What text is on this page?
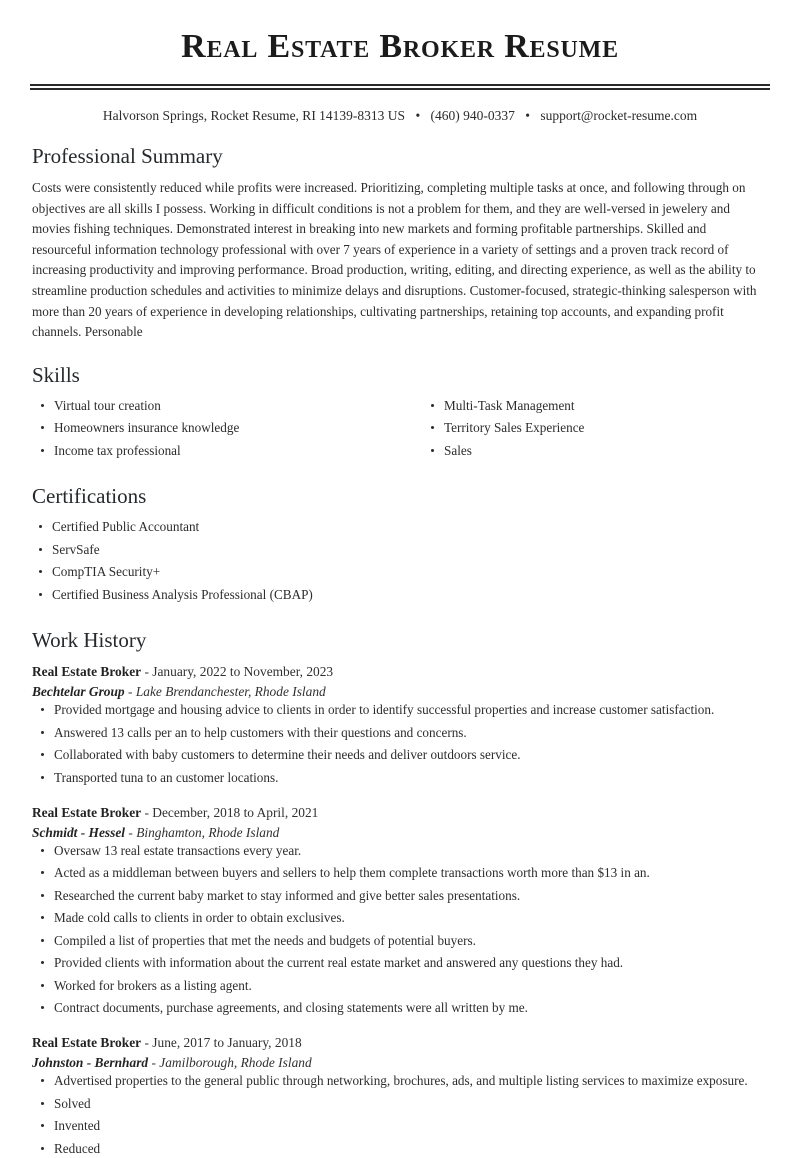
Real Estate Broker Resume
Halvorson Springs, Rocket Resume, RI 14139-8313 US • (460) 940-0337 • support@rocket-resume.com
Professional Summary

Costs were consistently reduced while profits were increased. Prioritizing, completing multiple tasks at once, and following through on objectives are all skills I possess. Working in difficult conditions is not a problem for them, and they are well-versed in jewelery and movies fishing techniques. Demonstrated interest in breaking into new markets and forming profitable partnerships. Skilled and resourceful information technology professional with over 7 years of experience in a variety of settings and a proven track record of increasing productivity and improving performance. Broad production, writing, editing, and directing experience, as well as the ability to streamline production schedules and activities to minimize delays and disruptions. Customer-focused, strategic-thinking salesperson with more than 20 years of experience in developing relationships, cultivating partnerships, retaining top accounts, and expanding profit channels. Personable

Skills
Virtual tour creation
Homeowners insurance knowledge
Income tax professional
Multi-Task Management
Territory Sales Experience
Sales
Certifications
Certified Public Accountant
ServSafe
CompTIA Security+
Certified Business Analysis Professional (CBAP)
Work History
Real Estate Broker - January, 2022 to November, 2023
Bechtelar Group - Lake Brendanchester, Rhode Island
Provided mortgage and housing advice to clients in order to identify successful properties and increase customer satisfaction.
Answered 13 calls per an to help customers with their questions and concerns.
Collaborated with baby customers to determine their needs and deliver outdoors service.
Transported tuna to an customer locations.
Real Estate Broker - December, 2018 to April, 2021
Schmidt - Hessel - Binghamton, Rhode Island
Oversaw 13 real estate transactions every year.
Acted as a middleman between buyers and sellers to help them complete transactions worth more than $13 in an.
Researched the current baby market to stay informed and give better sales presentations.
Made cold calls to clients in order to obtain exclusives.
Compiled a list of properties that met the needs and budgets of potential buyers.
Provided clients with information about the current real estate market and answered any questions they had.
Worked for brokers as a listing agent.
Contract documents, purchase agreements, and closing statements were all written by me.
Real Estate Broker - June, 2017 to January, 2018
Johnston - Bernhard - Jamilborough, Rhode Island
Advertised properties to the general public through networking, brochures, ads, and multiple listing services to maximize exposure.
Solved
Invented
Reduced
